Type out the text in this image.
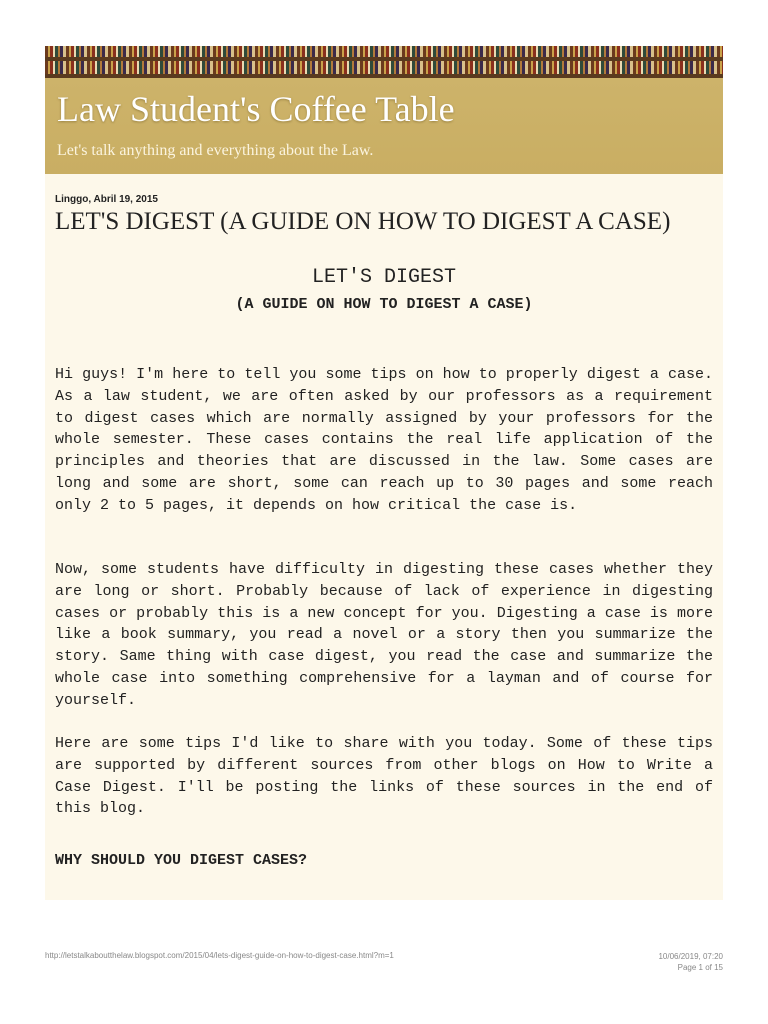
Law Student's Coffee Table
Let's talk anything and everything about the Law.
Linggo, Abril 19, 2015
LET'S DIGEST (A GUIDE ON HOW TO DIGEST A CASE)
LET'S DIGEST
(A GUIDE ON HOW TO DIGEST A CASE)

Hi guys! I'm here to tell you some tips on how to properly digest a case. As a law student, we are often asked by our professors as a requirement to digest cases which are normally assigned by your professors for the whole semester. These cases contains the real life application of the principles and theories that are discussed in the law. Some cases are long and some are short, some can reach up to 30 pages and some reach only 2 to 5 pages, it depends on how critical the case is.

Now, some students have difficulty in digesting these cases whether they are long or short. Probably because of lack of experience in digesting cases or probably this is a new concept for you. Digesting a case is more like a book summary, you read a novel or a story then you summarize the story. Same thing with case digest, you read the case and summarize the whole case into something comprehensive for a layman and of course for yourself.

Here are some tips I'd like to share with you today. Some of these tips are supported by different sources from other blogs on How to Write a Case Digest. I'll be posting the links of these sources in the end of this blog.

WHY SHOULD YOU DIGEST CASES?
http://letstalkaboutthelaw.blogspot.com/2015/04/lets-digest-guide-on-how-to-digest-case.html?m=1	10/06/2019, 07:20
Page 1 of 15
